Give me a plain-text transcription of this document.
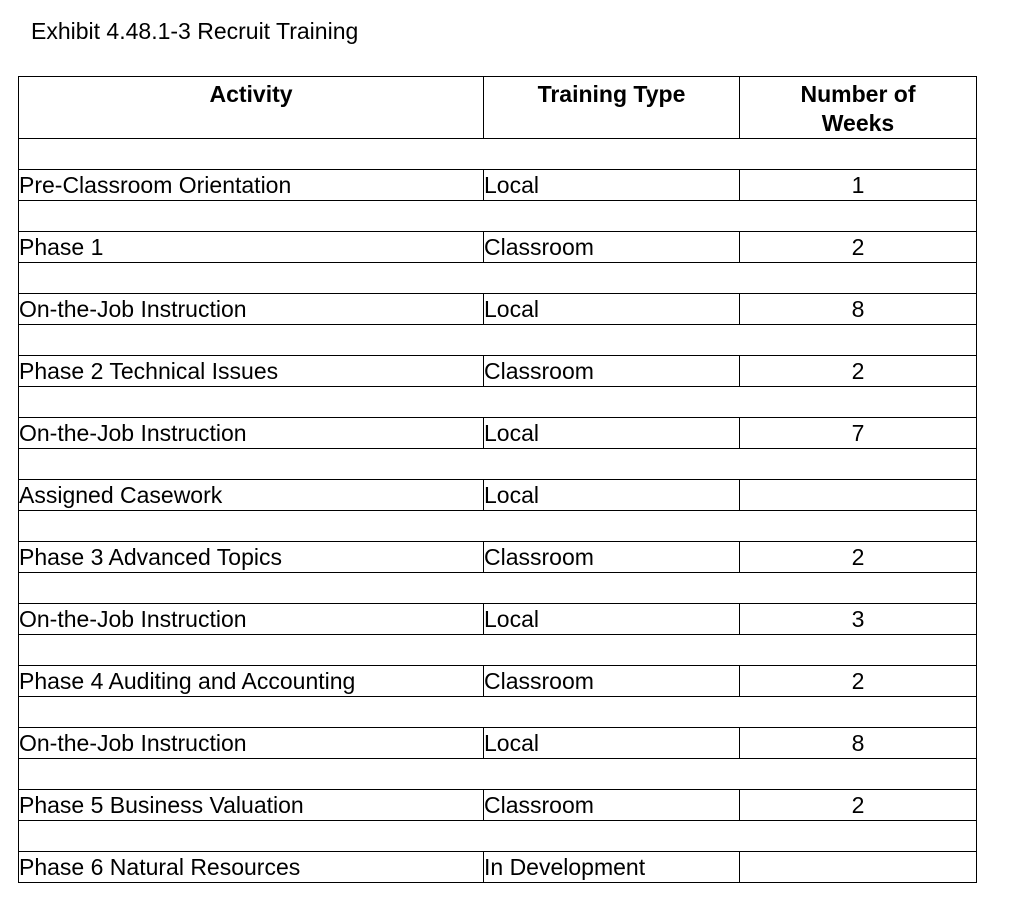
Exhibit 4.48.1-3 Recruit Training
Activity	Training Type	Number of Weeks

Pre-Classroom Orientation	Local	1

Phase 1	Classroom	2

On-the-Job Instruction	Local	8

Phase 2 Technical Issues	Classroom	2

On-the-Job Instruction	Local	7

Assigned Casework	Local	

Phase 3 Advanced Topics	Classroom	2

On-the-Job Instruction	Local	3

Phase 4 Auditing and Accounting	Classroom	2

On-the-Job Instruction	Local	8

Phase 5 Business Valuation	Classroom	2

Phase 6 Natural Resources	In Development	
